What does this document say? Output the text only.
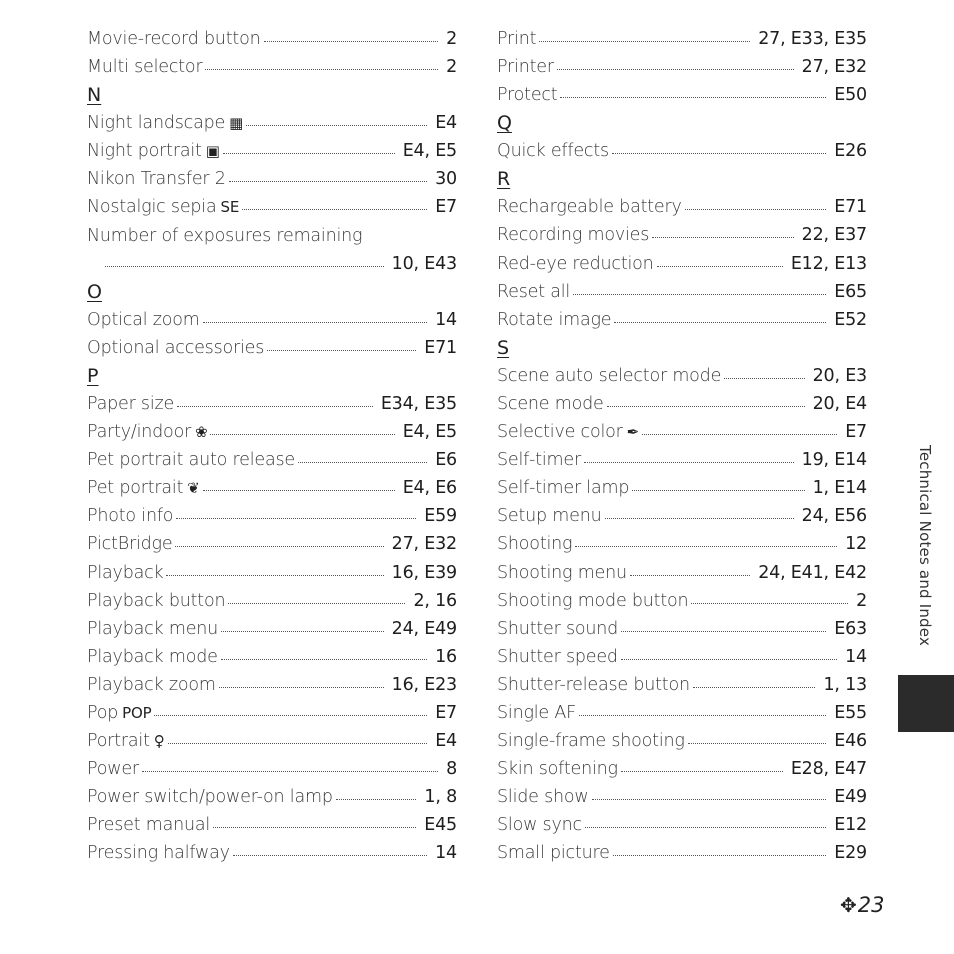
Movie-record button	2
Multi selector	2
N
Night landscape ▦	E4
Night portrait ▣	E4, E5
Nikon Transfer 2	30
Nostalgic sepia SE	E7
Number of exposures remaining
10, E43
O
Optical zoom	14
Optional accessories	E71
P
Paper size	E34, E35
Party/indoor ❀	E4, E5
Pet portrait auto release	E6
Pet portrait ❦	E4, E6
Photo info	E59
PictBridge	27, E32
Playback	16, E39
Playback button	2, 16
Playback menu	24, E49
Playback mode	16
Playback zoom	16, E23
Pop POP	E7
Portrait ♀	E4
Power	8
Power switch/power-on lamp	1, 8
Preset manual	E45
Pressing halfway	14
Print	27, E33, E35
Printer	27, E32
Protect	E50
Q
Quick effects	E26
R
Rechargeable battery	E71
Recording movies	22, E37
Red-eye reduction	E12, E13
Reset all	E65
Rotate image	E52
S
Scene auto selector mode	20, E3
Scene mode	20, E4
Selective color ✒	E7
Self-timer	19, E14
Self-timer lamp	1, E14
Setup menu	24, E56
Shooting	12
Shooting menu	24, E41, E42
Shooting mode button	2
Shutter sound	E63
Shutter speed	14
Shutter-release button	1, 13
Single AF	E55
Single-frame shooting	E46
Skin softening	E28, E47
Slide show	E49
Slow sync	E12
Small picture	E29
Technical Notes and Index
✥23
